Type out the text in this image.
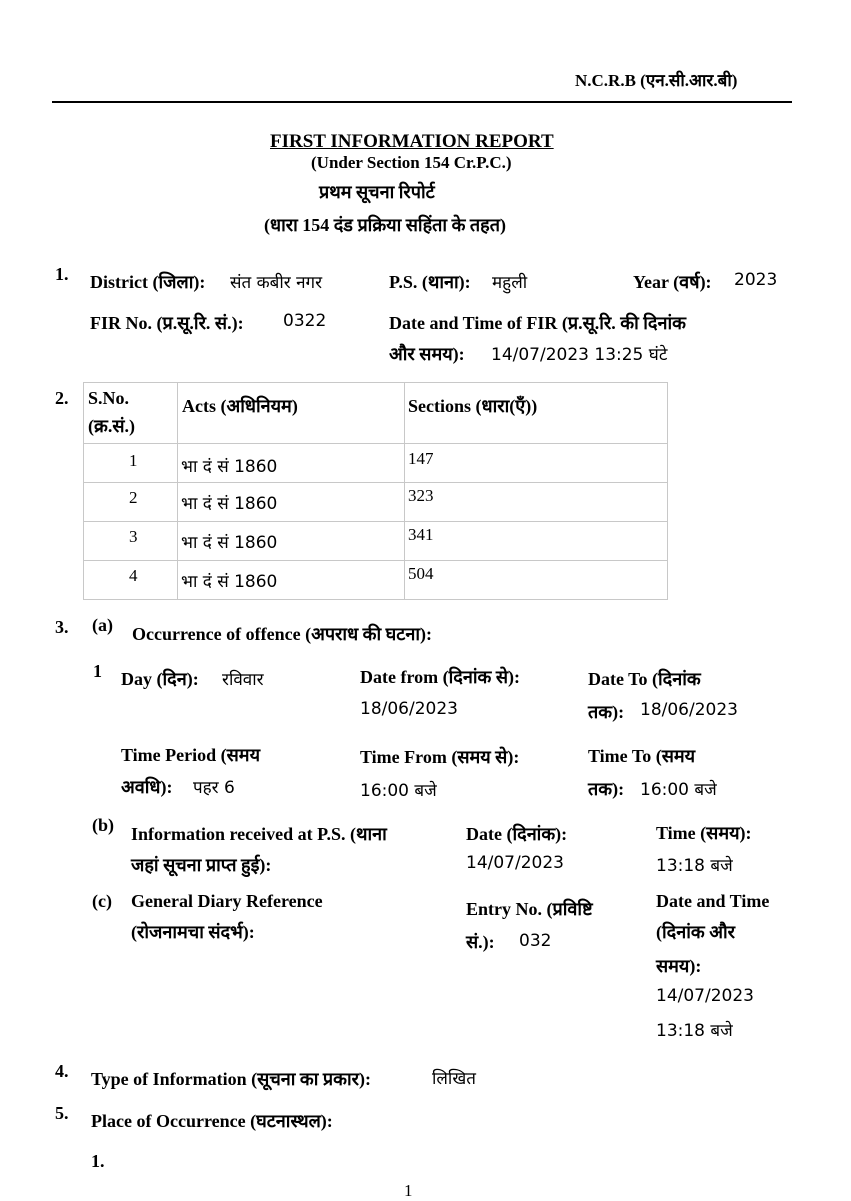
N.C.R.B (एन.सी.आर.बी)
FIRST INFORMATION REPORT
(Under Section 154 Cr.P.C.)
प्रथम सूचना रिपोर्ट
(धारा 154 दंड प्रक्रिया सहिंता के तहत)
1. District (जिला): संत कबीर नगर	P.S. (थाना): महुली	Year (वर्ष): 2023
FIR No. (प्र.सू.रि. सं.): 0322	Date and Time of FIR (प्र.सू.रि. की दिनांक
और समय): 14/07/2023 13:25 घंटे
2. S.No.
(क्र.सं.)	Acts (अधिनियम)	Sections (धारा(एँ))

1	भा दं सं 1860	147

2	भा दं सं 1860	323

3	भा दं सं 1860	341

4	भा दं सं 1860	504
3. (a) Occurrence of offence (अपराध की घटना):
1 Day (दिन): रविवार	Date from (दिनांक से):
18/06/2023
Date To (दिनांक
तक): 18/06/2023
Time Period (समय
अवधि): पहर 6
Time From (समय से):
16:00 बजे
Time To (समय
तक): 16:00 बजे
(b) Information received at P.S. (थाना
जहां सूचना प्राप्त हुई):
Date (दिनांक):
14/07/2023
Time (समय):
13:18 बजे
(c) General Diary Reference
(रोजनामचा संदर्भ):
Entry No. (प्रविष्टि
सं.): 032
Date and Time
(दिनांक और
समय):
14/07/2023
13:18 बजे
4. Type of Information (सूचना का प्रकार):	लिखित
5. Place of Occurrence (घटनास्थल):
1.
1
